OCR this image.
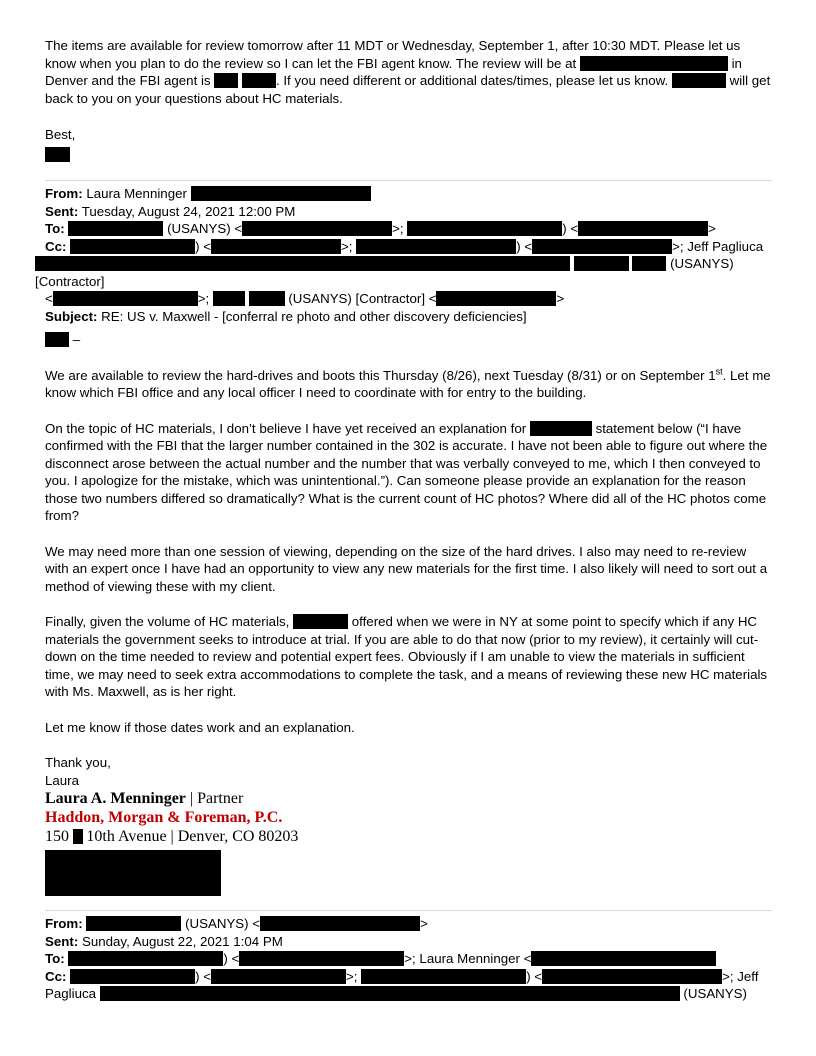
The items are available for review tomorrow after 11 MDT or Wednesday, September 1, after 10:30 MDT. Please let us know when you plan to do the review so I can let the FBI agent know. The review will be at	in Denver and the FBI agent is	. If you need different or additional dates/times, please let us know.	will get back to you on your questions about HC materials.

Best,

From: Laura Menninger

Sent: Tuesday, August 24, 2021 12:00 PM

To:	(USANYS) <	>;	) <	>

Cc:	) <	>;	) <	>; Jeff Pagliuca

(USANYS) [Contractor]

<	>;	(USANYS) [Contractor] <	>

Subject: RE: US v. Maxwell - [conferral re photo and other discovery deficiencies]

–

We are available to review the hard-drives and boots this Thursday (8/26), next Tuesday (8/31) or on September 1st. Let me know which FBI office and any local officer I need to coordinate with for entry to the building.

On the topic of HC materials, I don’t believe I have yet received an explanation for	statement below (“I have confirmed with the FBI that the larger number contained in the 302 is accurate. I have not been able to figure out where the disconnect arose between the actual number and the number that was verbally conveyed to me, which I then conveyed to you. I apologize for the mistake, which was unintentional.”). Can someone please provide an explanation for the reason those two numbers differed so dramatically? What is the current count of HC photos? Where did all of the HC photos come from?

We may need more than one session of viewing, depending on the size of the hard drives. I also may need to re-review with an expert once I have had an opportunity to view any new materials for the first time. I also likely will need to sort out a method of viewing these with my client.

Finally, given the volume of HC materials,	offered when we were in NY at some point to specify which if any HC materials the government seeks to introduce at trial. If you are able to do that now (prior to my review), it certainly will cut-down on the time needed to review and potential expert fees. Obviously if I am unable to view the materials in sufficient time, we may need to seek extra accommodations to complete the task, and a means of reviewing these new HC materials with Ms. Maxwell, as is her right.

Let me know if those dates work and an explanation.

Thank you,

Laura

Laura A. Menninger | Partner

Haddon, Morgan & Foreman, P.C.

150 10th Avenue | Denver, CO 80203

From:	(USANYS) <	>

Sent: Sunday, August 22, 2021 1:04 PM

To:	) <	>; Laura Menninger <

Cc:	) <	>;	) <	>; Jeff

Pagliuca	(USANYS)
